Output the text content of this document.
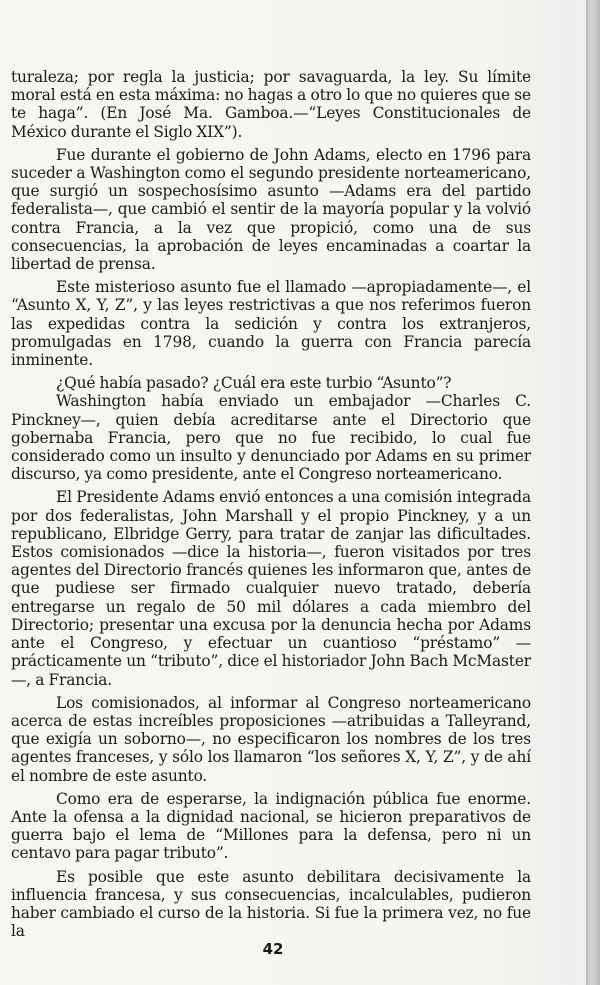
turaleza; por regla la justicia; por savaguarda, la ley. Su límite moral está en esta máxima: no hagas a otro lo que no quieres que se te haga”. (En José Ma. Gamboa.—“Leyes Constitucionales de México durante el Siglo XIX”).

Fue durante el gobierno de John Adams, electo en 1796 para suceder a Washington como el segundo presidente norteamericano, que surgió un sospechosísimo asunto —Adams era del partido federalista—, que cambió el sentir de la mayoría popular y la volvió contra Francia, a la vez que propició, como una de sus consecuencias, la aprobación de leyes encaminadas a coartar la libertad de prensa.

Este misterioso asunto fue el llamado —apropiadamente—, el “Asunto X, Y, Z”, y las leyes restrictivas a que nos referimos fueron las expedidas contra la sedición y contra los extranjeros, promulgadas en 1798, cuando la guerra con Francia parecía inminente.

¿Qué había pasado? ¿Cuál era este turbio “Asunto”?

Washington había enviado un embajador —Charles C. Pinckney—, quien debía acreditarse ante el Directorio que gobernaba Francia, pero que no fue recibido, lo cual fue considerado como un insulto y denunciado por Adams en su primer discurso, ya como presidente, ante el Congreso norteamericano.

El Presidente Adams envió entonces a una comisión integrada por dos federalistas, John Marshall y el propio Pinckney, y a un republicano, Elbridge Gerry, para tratar de zanjar las dificultades. Estos comisionados —dice la historia—, fueron visitados por tres agentes del Directorio francés quienes les informaron que, antes de que pudiese ser firmado cualquier nuevo tratado, debería entregarse un regalo de 50 mil dólares a cada miembro del Directorio; presentar una excusa por la denuncia hecha por Adams ante el Congreso, y efectuar un cuantioso “préstamo” —prácticamente un “tributo”, dice el historiador John Bach McMaster—, a Francia.

Los comisionados, al informar al Congreso norteamericano acerca de estas increíbles proposiciones —atribuidas a Talleyrand, que exigía un soborno—, no especificaron los nombres de los tres agentes franceses, y sólo los llamaron “los señores X, Y, Z”, y de ahí el nombre de este asunto.

Como era de esperarse, la indignación pública fue enorme. Ante la ofensa a la dignidad nacional, se hicieron preparativos de guerra bajo el lema de “Millones para la defensa, pero ni un centavo para pagar tributo”.

Es posible que este asunto debilitara decisivamente la influencia francesa, y sus consecuencias, incalculables, pudieron haber cambiado el curso de la historia. Si fue la primera vez, no fue la

42
